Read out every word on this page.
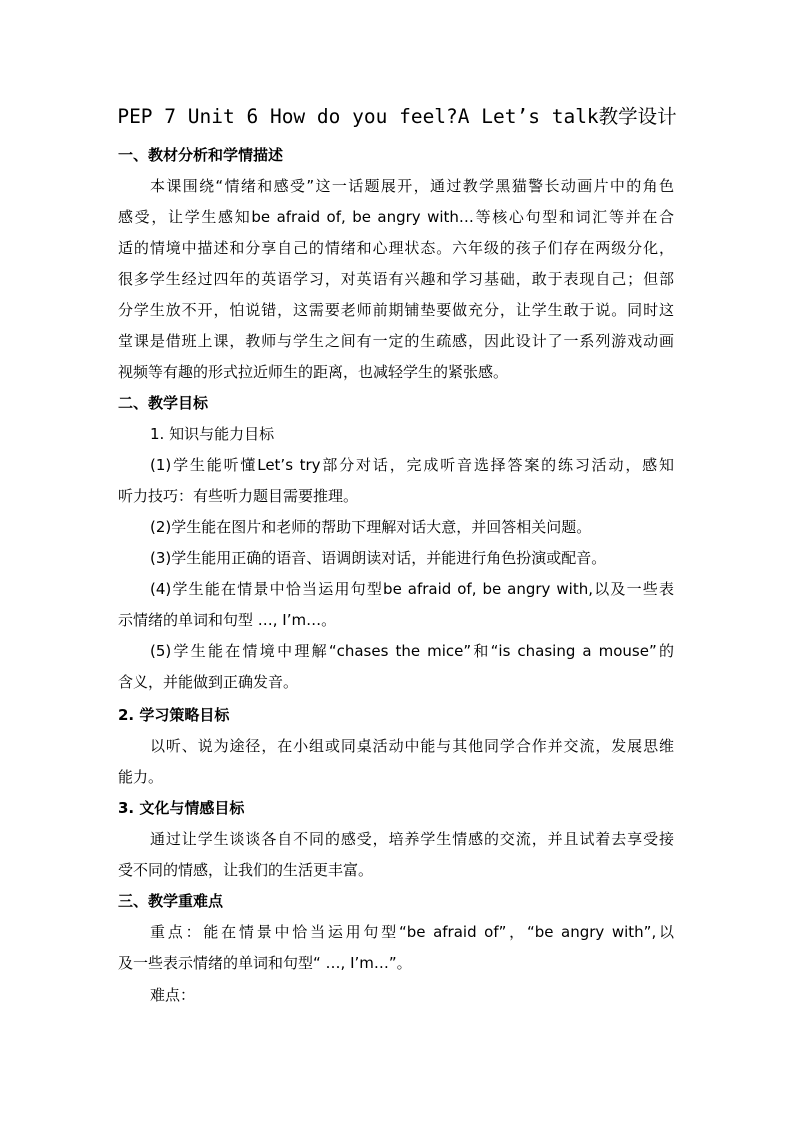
PEP 7 Unit 6 How do you feel?A Let’s talk教学设计

一、教材分析和学情描述

本课围绕“情绪和感受”这一话题展开，通过教学黑猫警长动画片中的角色

感受，让学生感知be afraid of, be angry with…等核心句型和词汇等并在合

适的情境中描述和分享自己的情绪和心理状态。六年级的孩子们存在两级分化，

很多学生经过四年的英语学习，对英语有兴趣和学习基础，敢于表现自己；但部

分学生放不开，怕说错，这需要老师前期铺垫要做充分，让学生敢于说。同时这

堂课是借班上课，教师与学生之间有一定的生疏感，因此设计了一系列游戏动画

视频等有趣的形式拉近师生的距离，也减轻学生的紧张感。

二、教学目标

1. 知识与能力目标

(1)学生能听懂Let’s try部分对话，完成听音选择答案的练习活动，感知

听力技巧：有些听力题目需要推理。

(2)学生能在图片和老师的帮助下理解对话大意，并回答相关问题。

(3)学生能用正确的语音、语调朗读对话，并能进行角色扮演或配音。

(4)学生能在情景中恰当运用句型be afraid of, be angry with,以及一些表

示情绪的单词和句型 …, I’m…。

(5)学生能在情境中理解“chases the mice”和“is chasing a mouse”的

含义，并能做到正确发音。

2. 学习策略目标

以听、说为途径，在小组或同桌活动中能与其他同学合作并交流，发展思维

能力。

3. 文化与情感目标

通过让学生谈谈各自不同的感受，培养学生情感的交流，并且试着去享受接

受不同的情感，让我们的生活更丰富。

三、教学重难点

重点：能在情景中恰当运用句型“be afraid of”，“be angry with”,以

及一些表示情绪的单词和句型“ …, I’m…”。

难点：
